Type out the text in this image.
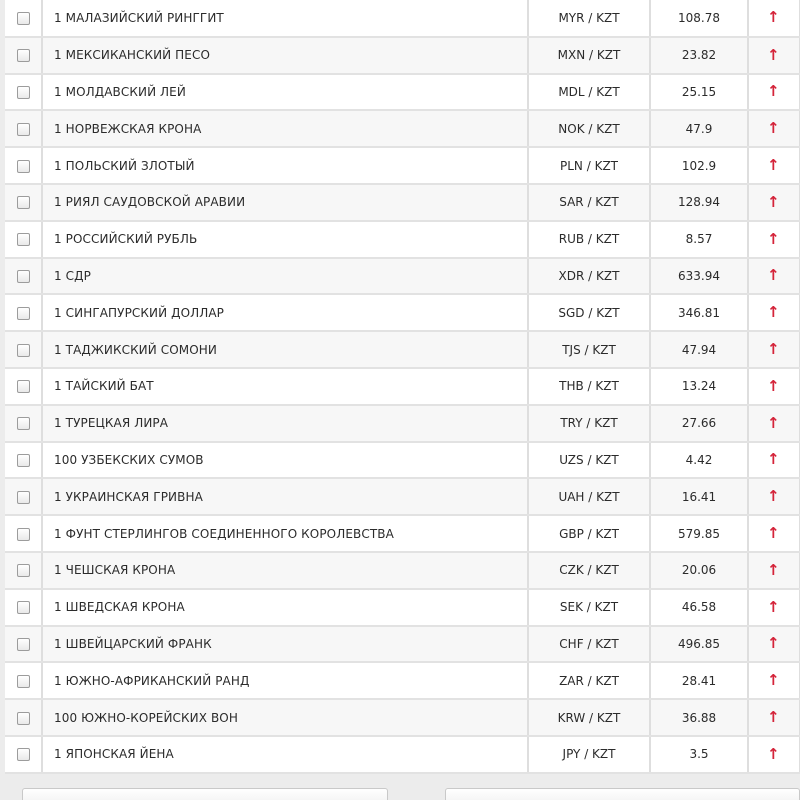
	1 МАЛАЗИЙСКИЙ РИНГГИТ	MYR / KZT	108.78	↑
	1 МЕКСИКАНСКИЙ ПЕСО	MXN / KZT	23.82	↑
	1 МОЛДАВСКИЙ ЛЕЙ	MDL / KZT	25.15	↑
	1 НОРВЕЖСКАЯ КРОНА	NOK / KZT	47.9	↑
	1 ПОЛЬСКИЙ ЗЛОТЫЙ	PLN / KZT	102.9	↑
	1 РИЯЛ САУДОВСКОЙ АРАВИИ	SAR / KZT	128.94	↑
	1 РОССИЙСКИЙ РУБЛЬ	RUB / KZT	8.57	↑
	1 СДР	XDR / KZT	633.94	↑
	1 СИНГАПУРСКИЙ ДОЛЛАР	SGD / KZT	346.81	↑
	1 ТАДЖИКСКИЙ СОМОНИ	TJS / KZT	47.94	↑
	1 ТАЙСКИЙ БАТ	THB / KZT	13.24	↑
	1 ТУРЕЦКАЯ ЛИРА	TRY / KZT	27.66	↑
	100 УЗБЕКСКИХ СУМОВ	UZS / KZT	4.42	↑
	1 УКРАИНСКАЯ ГРИВНА	UAH / KZT	16.41	↑
	1 ФУНТ СТЕРЛИНГОВ СОЕДИНЕННОГО КОРОЛЕВСТВА	GBP / KZT	579.85	↑
	1 ЧЕШСКАЯ КРОНА	CZK / KZT	20.06	↑
	1 ШВЕДСКАЯ КРОНА	SEK / KZT	46.58	↑
	1 ШВЕЙЦАРСКИЙ ФРАНК	CHF / KZT	496.85	↑
	1 ЮЖНО-АФРИКАНСКИЙ РАНД	ZAR / KZT	28.41	↑
	100 ЮЖНО-КОРЕЙСКИХ ВОН	KRW / KZT	36.88	↑
	1 ЯПОНСКАЯ ЙЕНА	JPY / KZT	3.5	↑
